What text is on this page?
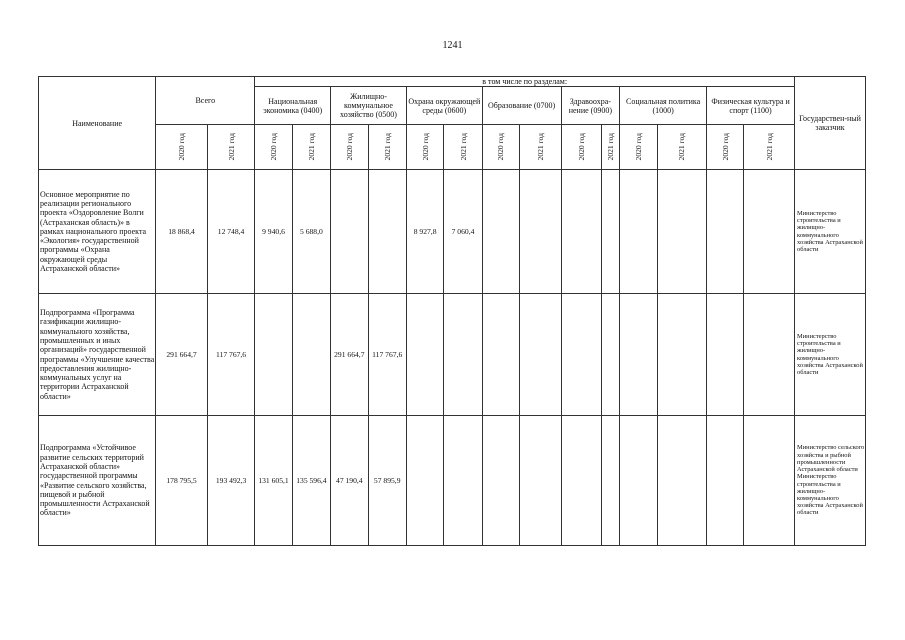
1241
Наименование	Всего		в том числе по разделам:														Государствен-ный заказчик
			Национальная экономика (0400)		Жилищно-коммунальное хозяйство (0500)		Охрана окружающей среды (0600)		Образование (0700)		Здравоохра-нение (0900)		Социальная политика (1000)		Физическая культура и спорт (1100)		

	2020 год	2021 год	2020 год	2021 год	2020 год	2021 год	2020 год	2021 год	2020 год	2021 год	2020 год	2021 год	2020 год	2021 год	2020 год	2021 год	

Основное мероприятие по реализации регионального проекта «Оздоровление Волги (Астраханская область)» в рамках национального проекта «Экология» государственной программы «Охрана окружающей среды Астраханской области»	18 868,4	12 748,4	9 940,6	5 688,0			8 927,8	7 060,4									Министерство строительства и жилищно-коммунального хозяйства Астраханской области
Подпрограмма «Программа газификации жилищно-коммунального хозяйства, промышленных и иных организаций» государственной программы «Улучшение качества предоставления жилищно-коммунальных услуг на территории Астраханской области»	291 664,7	117 767,6			291 664,7	117 767,6											Министерство строительства и жилищно-коммунального хозяйства Астраханской области
Подпрограмма «Устойчивое развитие сельских территорий Астраханской области» государственной программы «Развитие сельского хозяйства, пищевой и рыбной промышленности Астраханской области»	178 795,5	193 492,3	131 605,1	135 596,4	47 190,4	57 895,9											Министерство сельского хозяйства и рыбной промышленности Астраханской области Министерство строительства и жилищно-коммунального хозяйства Астраханской области
